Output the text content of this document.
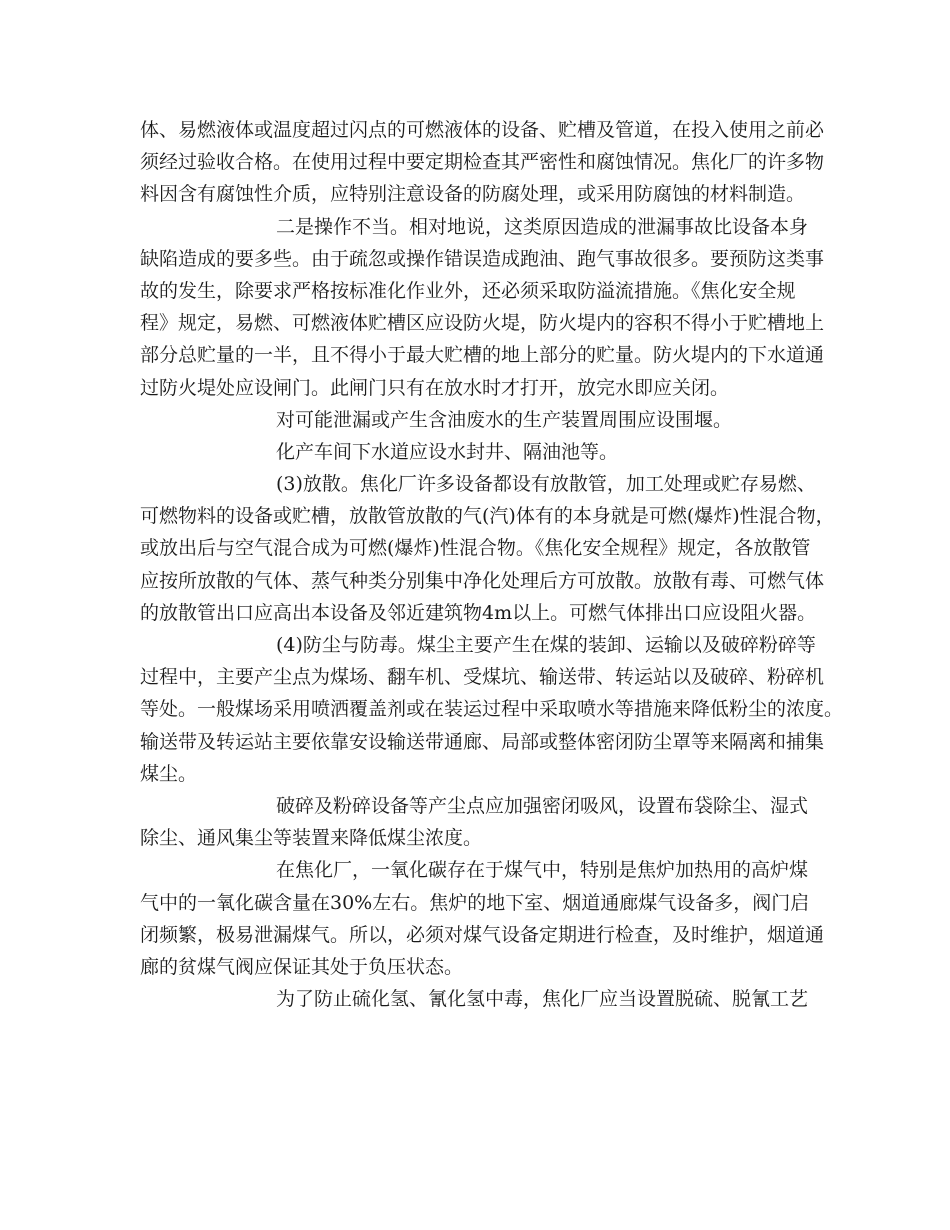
体、易燃液体或温度超过闪点的可燃液体的设备、贮槽及管道，在投入使用之前必
须经过验收合格。在使用过程中要定期检查其严密性和腐蚀情况。焦化厂的许多物
料因含有腐蚀性介质，应特别注意设备的防腐处理，或采用防腐蚀的材料制造。
二是操作不当。相对地说，这类原因造成的泄漏事故比设备本身
缺陷造成的要多些。由于疏忽或操作错误造成跑油、跑气事故很多。要预防这类事
故的发生，除要求严格按标准化作业外，还必须采取防溢流措施。《焦化安全规
程》规定，易燃、可燃液体贮槽区应设防火堤，防火堤内的容积不得小于贮槽地上
部分总贮量的一半，且不得小于最大贮槽的地上部分的贮量。防火堤内的下水道通
过防火堤处应设闸门。此闸门只有在放水时才打开，放完水即应关闭。
对可能泄漏或产生含油废水的生产装置周围应设围堰。
化产车间下水道应设水封井、隔油池等。
(3)放散。焦化厂许多设备都设有放散管，加工处理或贮存易燃、
可燃物料的设备或贮槽，放散管放散的气(汽)体有的本身就是可燃(爆炸)性混合物，
或放出后与空气混合成为可燃(爆炸)性混合物。《焦化安全规程》规定，各放散管
应按所放散的气体、蒸气种类分别集中净化处理后方可放散。放散有毒、可燃气体
的放散管出口应高出本设备及邻近建筑物4m以上。可燃气体排出口应设阻火器。
(4)防尘与防毒。煤尘主要产生在煤的装卸、运输以及破碎粉碎等
过程中，主要产尘点为煤场、翻车机、受煤坑、输送带、转运站以及破碎、粉碎机
等处。一般煤场采用喷洒覆盖剂或在装运过程中采取喷水等措施来降低粉尘的浓度。
输送带及转运站主要依靠安设输送带通廊、局部或整体密闭防尘罩等来隔离和捕集
煤尘。
破碎及粉碎设备等产尘点应加强密闭吸风，设置布袋除尘、湿式
除尘、通风集尘等装置来降低煤尘浓度。
在焦化厂，一氧化碳存在于煤气中，特别是焦炉加热用的高炉煤
气中的一氧化碳含量在30%左右。焦炉的地下室、烟道通廊煤气设备多，阀门启
闭频繁，极易泄漏煤气。所以，必须对煤气设备定期进行检查，及时维护，烟道通
廊的贫煤气阀应保证其处于负压状态。
为了防止硫化氢、氰化氢中毒，焦化厂应当设置脱硫、脱氰工艺
